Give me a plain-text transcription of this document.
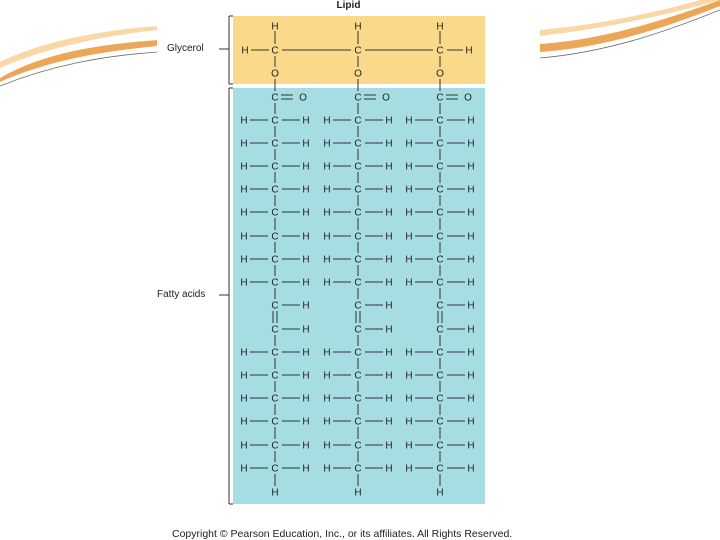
H
H
C
O
H
C
O
H
C
O
H
C O
C
H	H
C
H	H
C
H	H
C
H	H
C
H	H
C
H	H
C
H	H
C
H	H
C H
C H
C
H	H
C
H	H
C
H	H
C
H	H
C
H	H
C
H	H
H
C O
C
H	H
C
H	H
C
H	H
C
H	H
C
H	H
C
H	H
C
H	H
C
H	H
C H
C H
C
H	H
C
H	H
C
H	H
C
H	H
C
H	H
C
H	H
H
C O
C
H	H
C
H	H
C
H	H
C
H	H
C
H	H
C
H	H
C
H	H
C
H	H
C H
C H
C
H	H
C
H	H
C
H	H
C
H	H
C
H	H
C
H	H
H
Lipid
Glycerol
Fatty acids
Copyright © Pearson Education, Inc., or its affiliates. All Rights Reserved.
